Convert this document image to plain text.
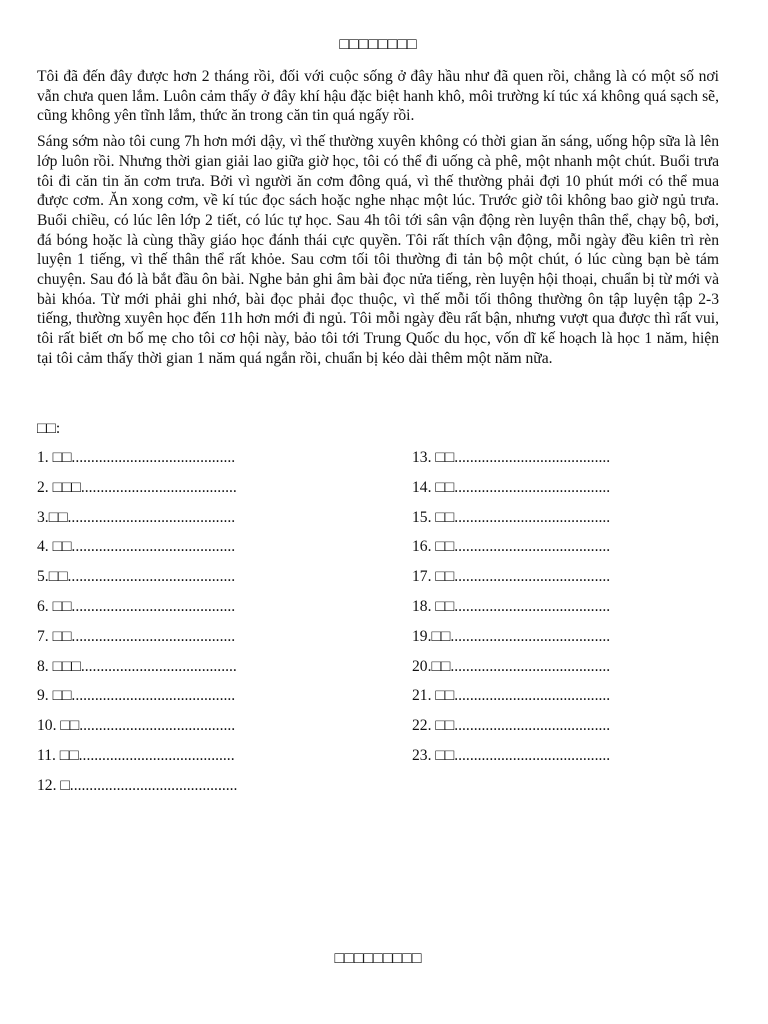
□□□□□□□□

Tôi đã đến đây được hơn 2 tháng rồi, đối với cuộc sống ở đây hầu như đã quen rồi, chẳng là có một số nơi vẫn chưa quen lắm. Luôn cảm thấy ở đây khí hậu đặc biệt hanh khô, môi trường kí túc xá không quá sạch sẽ, cũng không yên tĩnh lắm, thức ăn trong căn tin quá ngấy rồi.

Sáng sớm nào tôi cung 7h hơn mới dậy, vì thế thường xuyên không có thời gian ăn sáng, uống hộp sữa là lên lớp luôn rồi. Nhưng thời gian giải lao giữa giờ học, tôi có thể đi uống cà phê, một nhanh một chút. Buổi trưa tôi đi căn tin ăn cơm trưa. Bởi vì người ăn cơm đông quá, vì thế thường phải đợi 10 phút mới có thể mua được cơm. Ăn xong cơm, về kí túc đọc sách hoặc nghe nhạc một lúc. Trước giờ tôi không bao giờ ngủ trưa. Buổi chiều, có lúc lên lớp 2 tiết, có lúc tự học. Sau 4h tôi tới sân vận động rèn luyện thân thể, chạy bộ, bơi, đá bóng hoặc là cùng thầy giáo học đánh thái cực quyền. Tôi rất thích vận động, mỗi ngày đều kiên trì rèn luyện 1 tiếng, vì thế thân thể rất khỏe. Sau cơm tối tôi thường đi tản bộ một chút, ó lúc cùng bạn bè tám chuyện. Sau đó là bắt đầu ôn bài. Nghe bản ghi âm bài đọc nửa tiếng, rèn luyện hội thoại, chuẩn bị từ mới và bài khóa. Từ mới phải ghi nhớ, bài đọc phải đọc thuộc, vì thế mỗi tối thông thường ôn tập luyện tập 2-3 tiếng, thường xuyên học đến 11h hơn mới đi ngủ. Tôi mỗi ngày đều rất bận, nhưng vượt qua được thì rất vui, tôi rất biết ơn bố mẹ cho tôi cơ hội này, bảo tôi tới Trung Quốc du học, vốn dĩ kế hoạch là học 1 năm, hiện tại tôi cảm thấy thời gian 1 năm quá ngắn rồi, chuẩn bị kéo dài thêm một năm nữa.

□□:
1. □□..........................................
2. □□□........................................
3.□□...........................................
4. □□..........................................
5.□□...........................................
6. □□..........................................
7. □□..........................................
8. □□□........................................
9. □□..........................................
10. □□........................................
11. □□........................................
12. □...........................................
13. □□........................................
14. □□........................................
15. □□........................................
16. □□........................................
17. □□........................................
18. □□........................................
19.□□.........................................
20.□□.........................................
21. □□........................................
22. □□........................................
23. □□........................................
□□□□□□□□□
